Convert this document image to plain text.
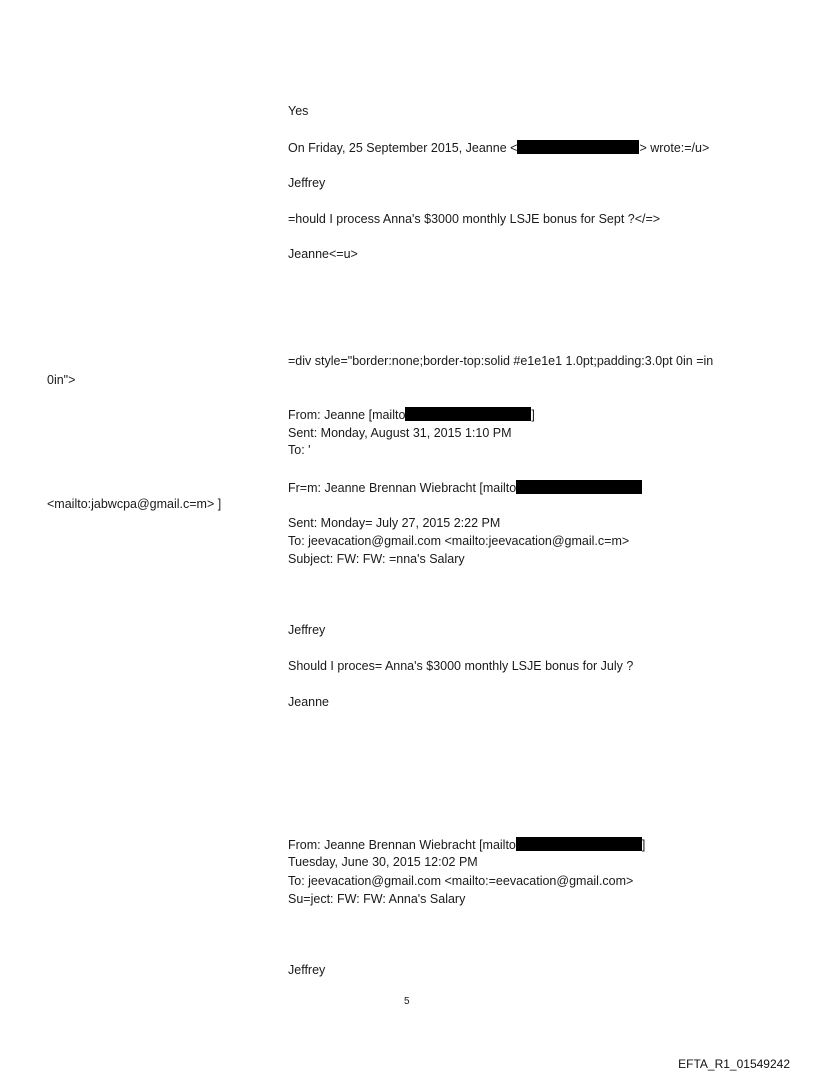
Yes
On Friday, 25 September 2015, Jeanne <	> wrote:=/u>
Jeffrey
=hould I process Anna's $3000 monthly LSJE bonus for Sept ?</=>
Jeanne<=u>
=div style="border:none;border-top:solid #e1e1e1 1.0pt;padding:3.0pt 0in =in
0in">
From: Jeanne [mailto	]
Sent: Monday, August 31, 2015 1:10 PM
To: '
Fr=m: Jeanne Brennan Wiebracht [mailto
<mailto:jabwcpa@gmail.c=m> ]
Sent: Monday= July 27, 2015 2:22 PM
To: jeevacation@gmail.com <mailto:jeevacation@gmail.c=m>
Subject: FW: FW: =nna's Salary
Jeffrey
Should I proces= Anna's $3000 monthly LSJE bonus for July ?
Jeanne
From: Jeanne Brennan Wiebracht [mailto	]
Tuesday, June 30, 2015 12:02 PM
To: jeevacation@gmail.com <mailto:=eevacation@gmail.com>
Su=ject: FW: FW: Anna's Salary
Jeffrey
5
EFTA_R1_01549242
